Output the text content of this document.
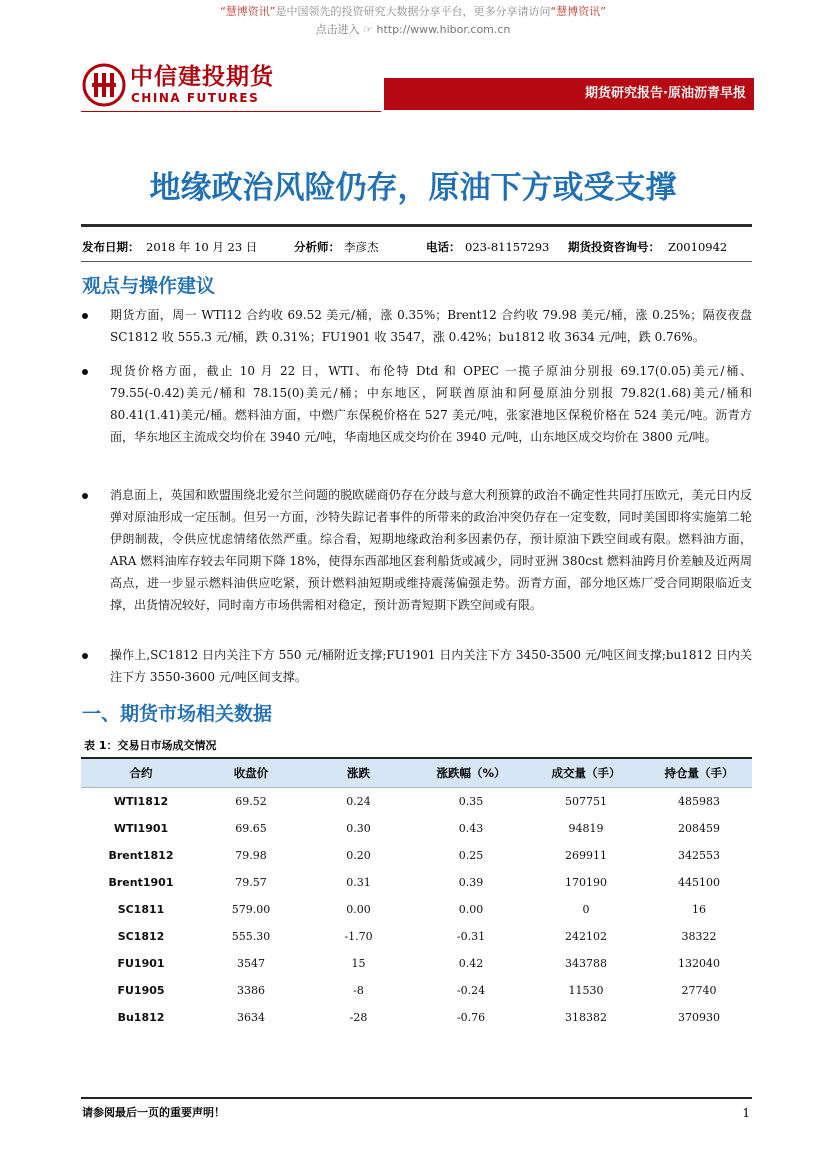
“慧博资讯”是中国领先的投资研究大数据分享平台，更多分享请访问“慧博资讯”
点击进入 ☞ http://www.hibor.com.cn
中信建投期货
CHINA FUTURES	期货研究报告·原油沥青早报
地缘政治风险仍存，原油下方或受支撑
发布日期： 2018 年 10 月 23 日	分析师： 李彦杰	电话： 023-81157293 期货投资咨询号： Z0010942
观点与操作建议
期货方面，周一 WTI12 合约收 69.52 美元/桶，涨 0.35%；Brent12 合约收 79.98 美元/桶，涨 0.25%；隔夜夜盘 SC1812 收 555.3 元/桶，跌 0.31%；FU1901 收 3547，涨 0.42%；bu1812 收 3634 元/吨，跌 0.76%。
现货价格方面，截止 10 月 22 日，WTI、布伦特 Dtd 和 OPEC 一揽子原油分别报 69.17(0.05)美元/桶、79.55(-0.42)美元/桶和 78.15(0)美元/桶；中东地区，阿联酋原油和阿曼原油分别报 79.82(1.68)美元/桶和 80.41(1.41)美元/桶。燃料油方面，中燃广东保税价格在 527 美元/吨，张家港地区保税价格在 524 美元/吨。沥青方面，华东地区主流成交均价在 3940 元/吨，华南地区成交均价在 3940 元/吨，山东地区成交均价在 3800 元/吨。
消息面上，英国和欧盟围绕北爱尔兰问题的脱欧磋商仍存在分歧与意大利预算的政治不确定性共同打压欧元，美元日内反弹对原油形成一定压制。但另一方面，沙特失踪记者事件的所带来的政治冲突仍存在一定变数，同时美国即将实施第二轮伊朗制裁，令供应忧虑情绪依然严重。综合看，短期地缘政治利多因素仍存，预计原油下跌空间或有限。燃料油方面，ARA 燃料油库存较去年同期下降 18%，使得东西部地区套利船货或减少，同时亚洲 380cst 燃料油跨月价差触及近两周高点，进一步显示燃料油供应吃紧，预计燃料油短期或维持震荡偏强走势。沥青方面，部分地区炼厂受合同期限临近支撑，出货情况较好，同时南方市场供需相对稳定，预计沥青短期下跌空间或有限。
操作上,SC1812 日内关注下方 550 元/桶附近支撑;FU1901 日内关注下方 3450-3500 元/吨区间支撑;bu1812 日内关注下方 3550-3600 元/吨区间支撑。
一、期货市场相关数据
表 1：交易日市场成交情况
合约	收盘价	涨跌	涨跌幅（%）	成交量（手）	持仓量（手）
WTI1812	69.52	0.24	0.35	507751	485983
WTI1901	69.65	0.30	0.43	94819	208459
Brent1812	79.98	0.20	0.25	269911	342553
Brent1901	79.57	0.31	0.39	170190	445100
SC1811	579.00	0.00	0.00	0	16
SC1812	555.30	-1.70	-0.31	242102	38322
FU1901	3547	15	0.42	343788	132040
FU1905	3386	-8	-0.24	11530	27740
Bu1812	3634	-28	-0.76	318382	370930
请参阅最后一页的重要声明！	1
